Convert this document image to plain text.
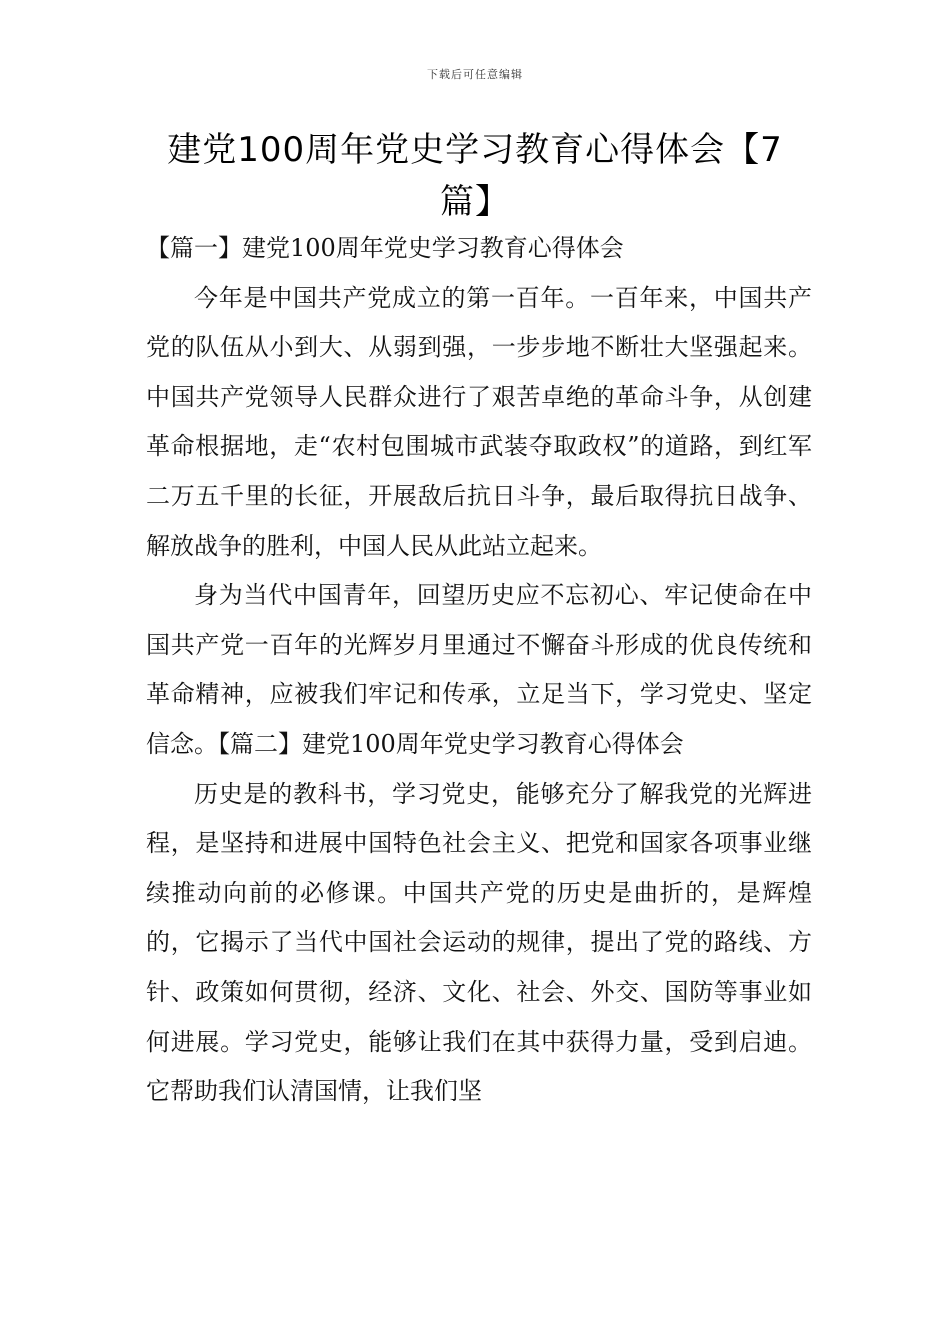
下载后可任意编辑
建党100周年党史学习教育心得体会【7篇】

【篇一】建党100周年党史学习教育心得体会

今年是中国共产党成立的第一百年。一百年来，中国共产党的队伍从小到大、从弱到强，一步步地不断壮大坚强起来。中国共产党领导人民群众进行了艰苦卓绝的革命斗争，从创建革命根据地，走“农村包围城市武装夺取政权”的道路，到红军二万五千里的长征，开展敌后抗日斗争，最后取得抗日战争、解放战争的胜利，中国人民从此站立起来。

身为当代中国青年，回望历史应不忘初心、牢记使命在中国共产党一百年的光辉岁月里通过不懈奋斗形成的优良传统和革命精神，应被我们牢记和传承，立足当下，学习党史、坚定信念。【篇二】建党100周年党史学习教育心得体会

历史是的教科书，学习党史，能够充分了解我党的光辉进程，是坚持和进展中国特色社会主义、把党和国家各项事业继续推动向前的必修课。中国共产党的历史是曲折的，是辉煌的，它揭示了当代中国社会运动的规律，提出了党的路线、方针、政策如何贯彻，经济、文化、社会、外交、国防等事业如何进展。学习党史，能够让我们在其中获得力量，受到启迪。它帮助我们认清国情，让我们坚
